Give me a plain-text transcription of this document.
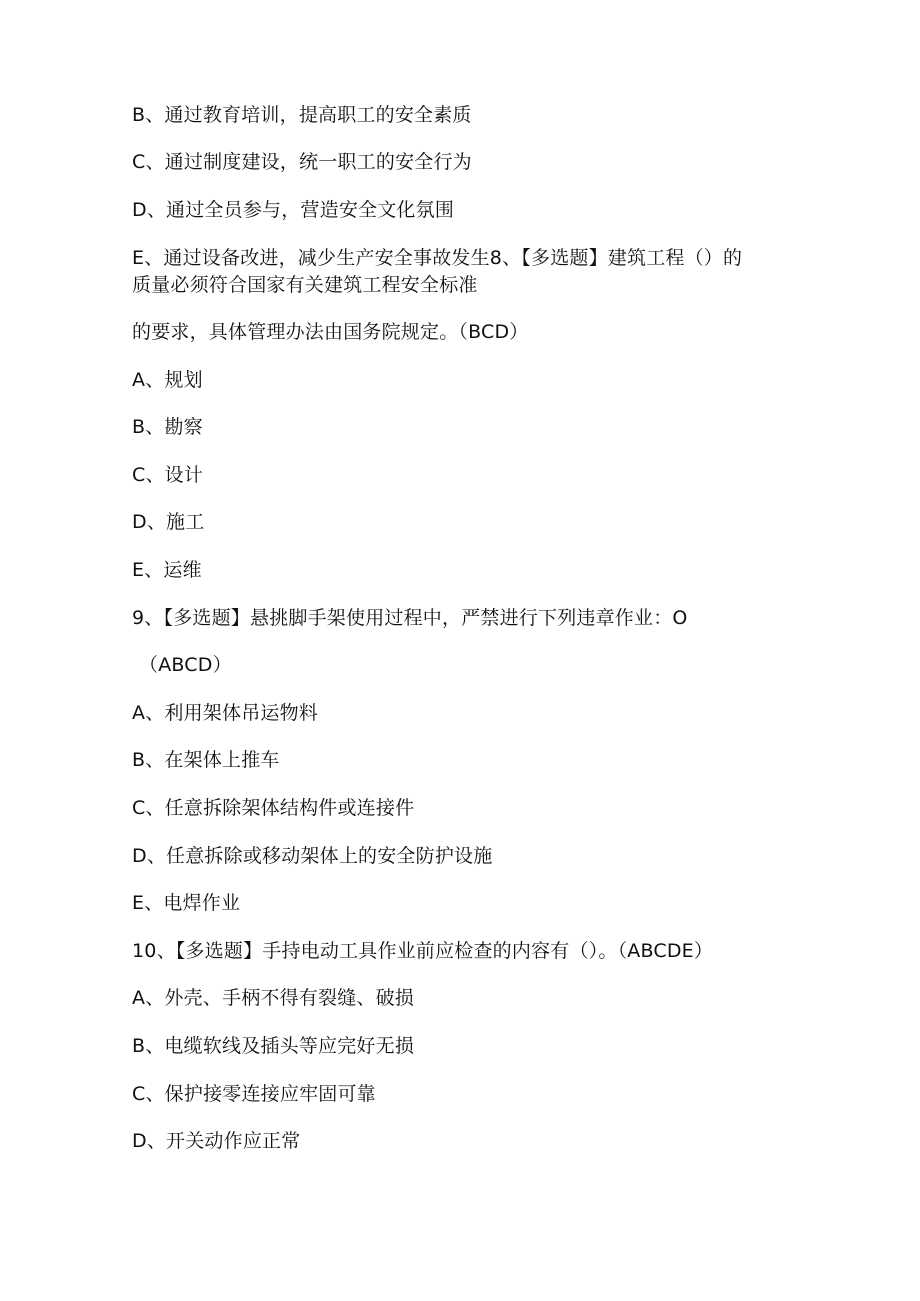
B、通过教育培训，提高职工的安全素质
C、通过制度建设，统一职工的安全行为
D、通过全员参与，营造安全文化氛围
E、通过设备改进，减少生产安全事故发生8、【多选题】建筑工程（）的
质量必须符合国家有关建筑工程安全标准
的要求，具体管理办法由国务院规定。（BCD）
A、规划
B、勘察
C、设计
D、施工
E、运维
9、【多选题】悬挑脚手架使用过程中，严禁进行下列违章作业：O
（ABCD）
A、利用架体吊运物料
B、在架体上推车
C、任意拆除架体结构件或连接件
D、任意拆除或移动架体上的安全防护设施
E、电焊作业
10、【多选题】手持电动工具作业前应检查的内容有（）。（ABCDE）
A、外壳、手柄不得有裂缝、破损
B、电缆软线及插头等应完好无损
C、保护接零连接应牢固可靠
D、开关动作应正常
